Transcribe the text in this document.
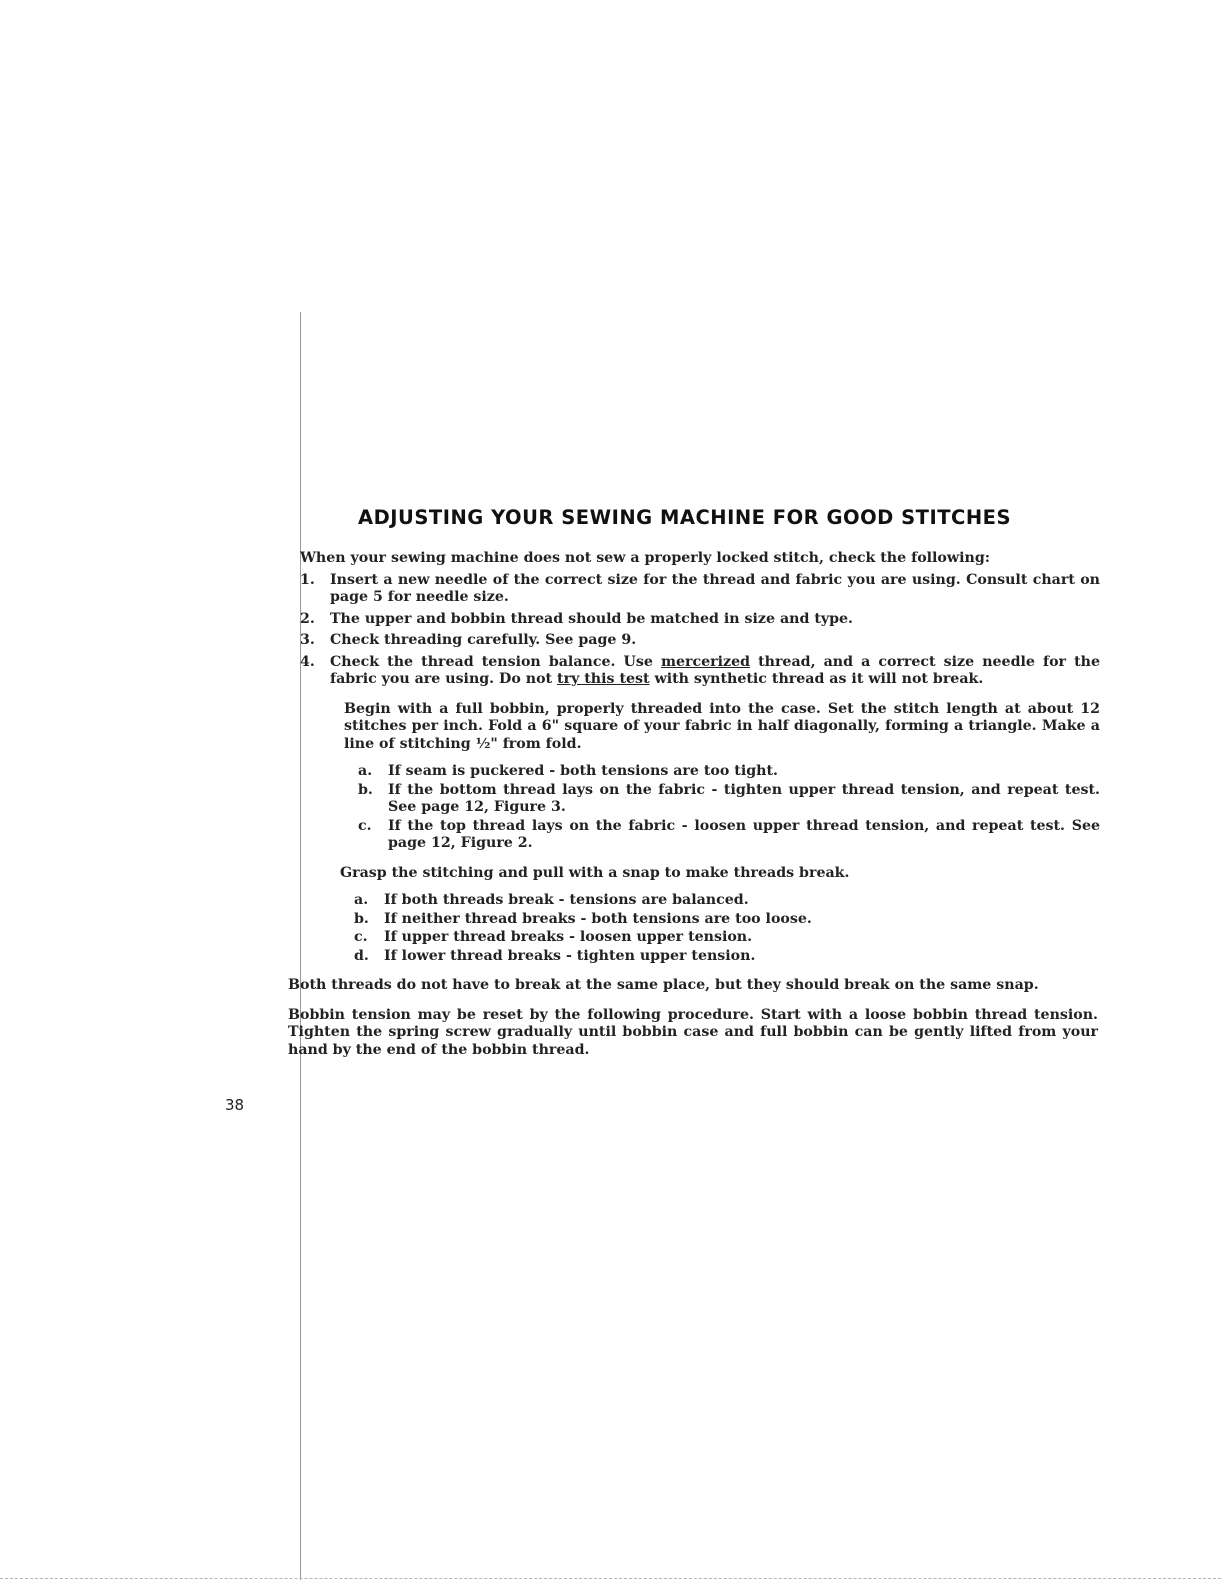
ADJUSTING YOUR SEWING MACHINE FOR GOOD STITCHES

When your sewing machine does not sew a properly locked stitch, check the following:

1.	Insert a new needle of the correct size for the thread and fabric you are using. Consult chart on page 5 for needle size.
2.	The upper and bobbin thread should be matched in size and type.
3.	Check threading carefully. See page 9.
4.	Check the thread tension balance. Use mercerized thread, and a correct size needle for the fabric you are using. Do not try this test with synthetic thread as it will not break.

Begin with a full bobbin, properly threaded into the case. Set the stitch length at about 12 stitches per inch. Fold a 6" square of your fabric in half diagonally, forming a triangle. Make a line of stitching ½" from fold.

a.	If seam is puckered - both tensions are too tight.
b.	If the bottom thread lays on the fabric - tighten upper thread tension, and repeat test. See page 12, Figure 3.
c.	If the top thread lays on the fabric - loosen upper thread tension, and repeat test. See page 12, Figure 2.

Grasp the stitching and pull with a snap to make threads break.

a.	If both threads break - tensions are balanced.
b.	If neither thread breaks - both tensions are too loose.
c.	If upper thread breaks - loosen upper tension.
d.	If lower thread breaks - tighten upper tension.

Both threads do not have to break at the same place, but they should break on the same snap.

Bobbin tension may be reset by the following procedure. Start with a loose bobbin thread tension. Tighten the spring screw gradually until bobbin case and full bobbin can be gently lifted from your hand by the end of the bobbin thread.

38
